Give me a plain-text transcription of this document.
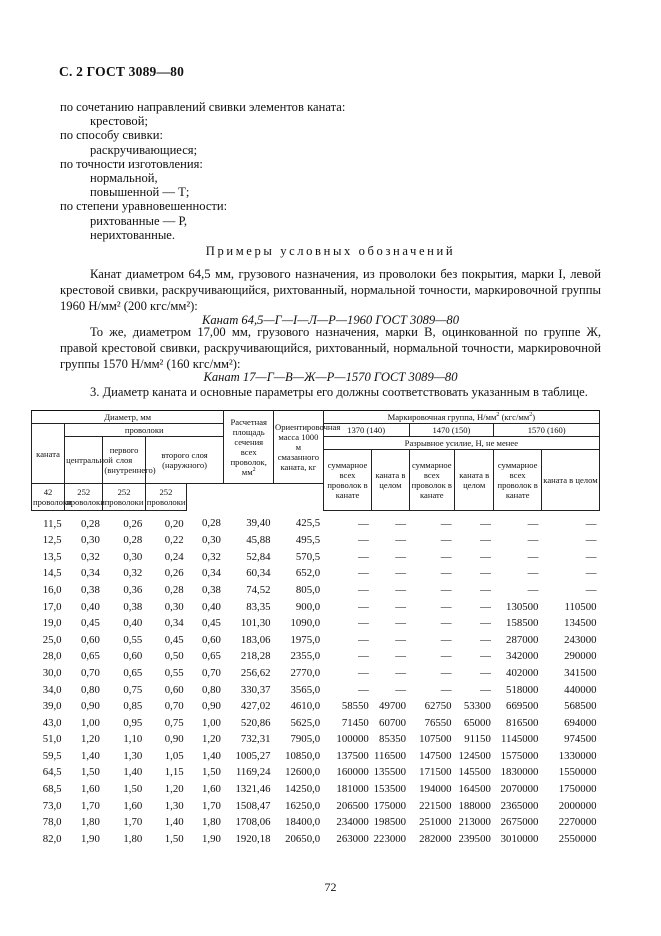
С. 2 ГОСТ 3089—80
по сочетанию направлений свивки элементов каната:
крестовой;
по способу свивки:
раскручивающиеся;
по точности изготовления:
нормальной,
повышенной — Т;
по степени уравновешенности:
рихтованные — Р,
нерихтованные.
Примеры условных обозначений
Канат диаметром 64,5 мм, грузового назначения, из проволоки без покрытия, марки I, левой крестовой свивки, раскручивающийся, рихтованный, нормальной точности, маркировочной группы 1960 Н/мм² (200 кгс/мм²):
Канат 64,5—Г—I—Л—Р—1960 ГОСТ 3089—80
То же, диаметром 17,00 мм, грузового назначения, марки В, оцинкованной по группе Ж, правой крестовой свивки, раскручивающийся, рихтованный, нормальной точности, маркировочной группы 1570 Н/мм² (160 кгс/мм²):
Канат 17—Г—В—Ж—Р—1570 ГОСТ 3089—80
3. Диаметр каната и основные параметры его должны соответствовать указанным в таблице.
Диаметр, мм					Расчетная площадь сечения всех проволок, $мм^2$	Ориентировочная масса 1000 м смазанного каната, кг	Маркировочная группа, $Н/мм^2$ $(кгс/мм^2)$					
каната	проволоки						1370 (140)		1470 (150)		1570 (160)	
	центральной	первого слоя (внутреннего)	второго слоя (наружного)				Разрывное усилие, Н, не менее					
							суммарное всех проволок в канате	каната в целом	суммарное всех проволок в канате	каната в целом	суммарное всех проволок в канате	каната в целом
42 проволоки	252 проволоки	252 проволоки	252 проволоки									
11,5	0,28	0,26	0,20	0,28	39,40	425,5	—	—	—	—	—	—
12,5	0,30	0,28	0,22	0,30	45,88	495,5	—	—	—	—	—	—
13,5	0,32	0,30	0,24	0,32	52,84	570,5	—	—	—	—	—	—
14,5	0,34	0,32	0,26	0,34	60,34	652,0	—	—	—	—	—	—
16,0	0,38	0,36	0,28	0,38	74,52	805,0	—	—	—	—	—	—
17,0	0,40	0,38	0,30	0,40	83,35	900,0	—	—	—	—	130500	110500
19,0	0,45	0,40	0,34	0,45	101,30	1090,0	—	—	—	—	158500	134500
25,0	0,60	0,55	0,45	0,60	183,06	1975,0	—	—	—	—	287000	243000
28,0	0,65	0,60	0,50	0,65	218,28	2355,0	—	—	—	—	342000	290000
30,0	0,70	0,65	0,55	0,70	256,62	2770,0	—	—	—	—	402000	341500
34,0	0,80	0,75	0,60	0,80	330,37	3565,0	—	—	—	—	518000	440000
39,0	0,90	0,85	0,70	0,90	427,02	4610,0	58550	49700	62750	53300	669500	568500
43,0	1,00	0,95	0,75	1,00	520,86	5625,0	71450	60700	76550	65000	816500	694000
51,0	1,20	1,10	0,90	1,20	732,31	7905,0	100000	85350	107500	91150	1145000	974500
59,5	1,40	1,30	1,05	1,40	1005,27	10850,0	137500	116500	147500	124500	1575000	1330000
64,5	1,50	1,40	1,15	1,50	1169,24	12600,0	160000	135500	171500	145500	1830000	1550000
68,5	1,60	1,50	1,20	1,60	1321,46	14250,0	181000	153500	194000	164500	2070000	1750000
73,0	1,70	1,60	1,30	1,70	1508,47	16250,0	206500	175000	221500	188000	2365000	2000000
78,0	1,80	1,70	1,40	1,80	1708,06	18400,0	234000	198500	251000	213000	2675000	2270000
82,0	1,90	1,80	1,50	1,90	1920,18	20650,0	263000	223000	282000	239500	3010000	2550000
72
